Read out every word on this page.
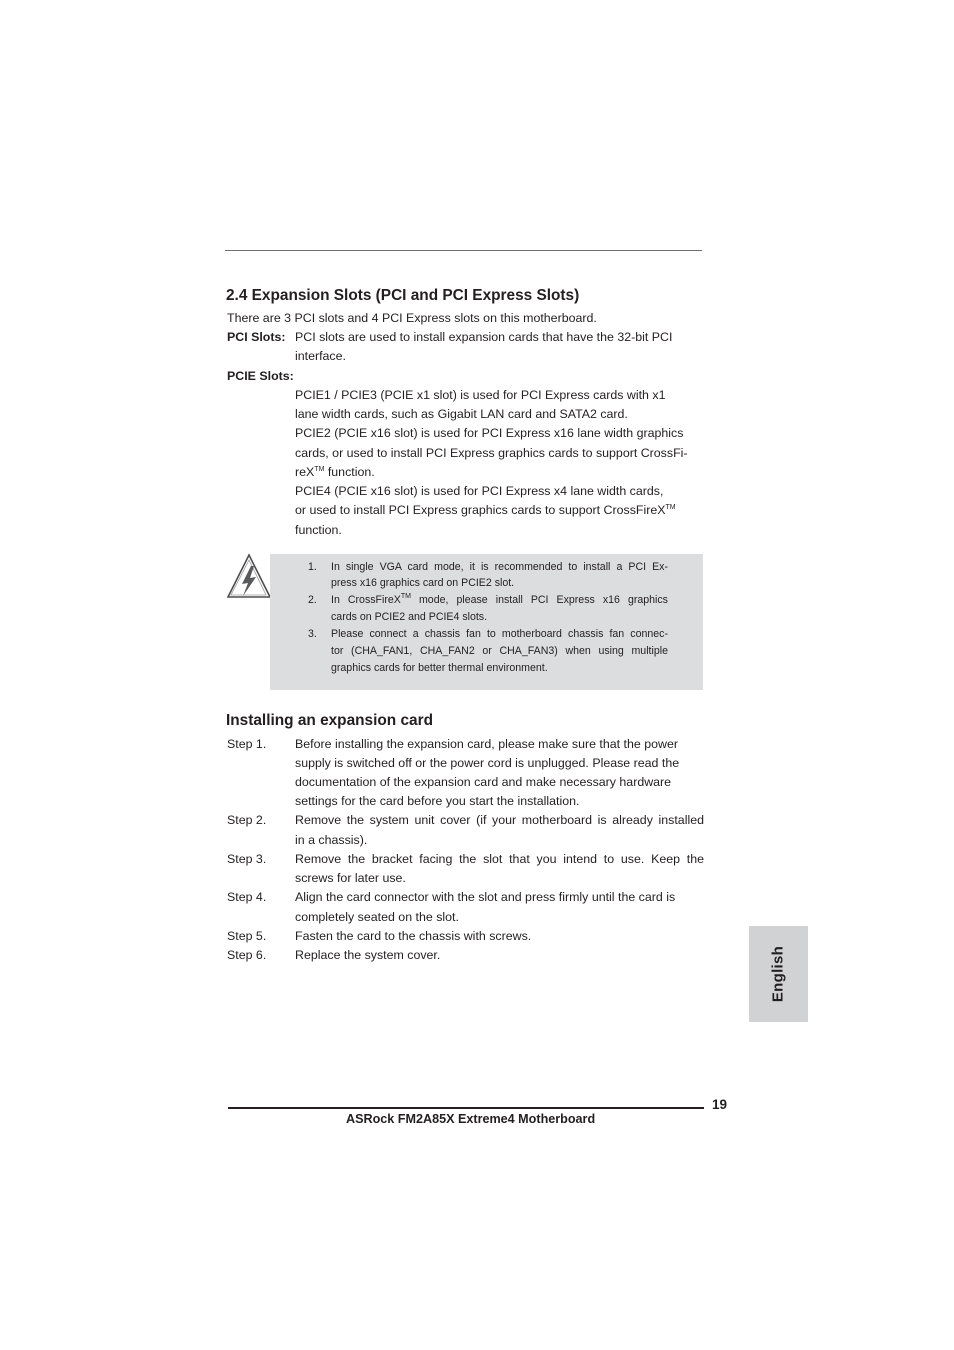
2.4 Expansion Slots (PCI and PCI Express Slots)
There are 3 PCI slots and 4 PCI Express slots on this motherboard.
PCI Slots: PCI slots are used to install expansion cards that have the 32-bit PCI
interface.
PCIE Slots:
PCIE1 / PCIE3 (PCIE x1 slot) is used for PCI Express cards with x1
lane width cards, such as Gigabit LAN card and SATA2 card.
PCIE2 (PCIE x16 slot) is used for PCI Express x16 lane width graphics
cards, or used to install PCI Express graphics cards to support CrossFi-
reX™ function.
PCIE4 (PCIE x16 slot) is used for PCI Express x4 lane width cards,
or used to install PCI Express graphics cards to support CrossFireX™
function.
1. In single VGA card mode, it is recommended to install a PCI Ex-
press x16 graphics card on PCIE2 slot.
2. In CrossFireX™ mode, please install PCI Express x16 graphics
cards on PCIE2 and PCIE4 slots.
3. Please connect a chassis fan to motherboard chassis fan connec-
tor (CHA_FAN1, CHA_FAN2 or CHA_FAN3) when using multiple
graphics cards for better thermal environment.
Installing an expansion card
Step 1. Before installing the expansion card, please make sure that the power
supply is switched off or the power cord is unplugged. Please read the
documentation of the expansion card and make necessary hardware
settings for the card before you start the installation.
Step 2. Remove the system unit cover (if your motherboard is already installed
in a chassis).
Step 3. Remove the bracket facing the slot that you intend to use. Keep the
screws for later use.
Step 4. Align the card connector with the slot and press firmly until the card is
completely seated on the slot.
Step 5. Fasten the card to the chassis with screws.
Step 6. Replace the system cover.	English
19
ASRock FM2A85X Extreme4 Motherboard
